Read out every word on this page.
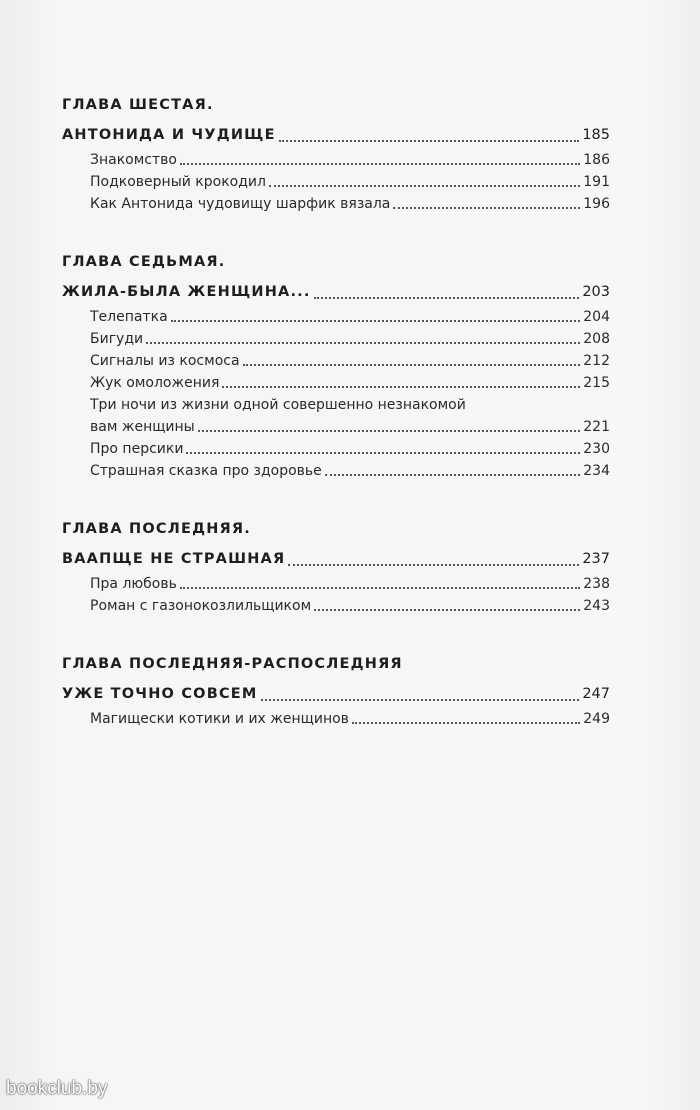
ГЛАВА ШЕСТАЯ.
АНТОНИДА И ЧУДИЩЕ	185
Знакомство	186
Подковерный крокодил	191
Как Антонида чудовищу шарфик вязала	196
ГЛАВА СЕДЬМАЯ.
ЖИЛА-БЫЛА ЖЕНЩИНА...	203
Телепатка	204
Бигуди	208
Сигналы из космоса	212
Жук омоложения	215
Три ночи из жизни одной совершенно незнакомой
вам женщины	221
Про персики	230
Страшная сказка про здоровье	234
ГЛАВА ПОСЛЕДНЯЯ.
ВААПЩЕ НЕ СТРАШНАЯ	237
Пра любовь	238
Роман с газонокозлильщиком	243
ГЛАВА ПОСЛЕДНЯЯ-РАСПОСЛЕДНЯЯ
УЖЕ ТОЧНО СОВСЕМ	247
Магищески котики и их женщинов	249
bookclub.by
